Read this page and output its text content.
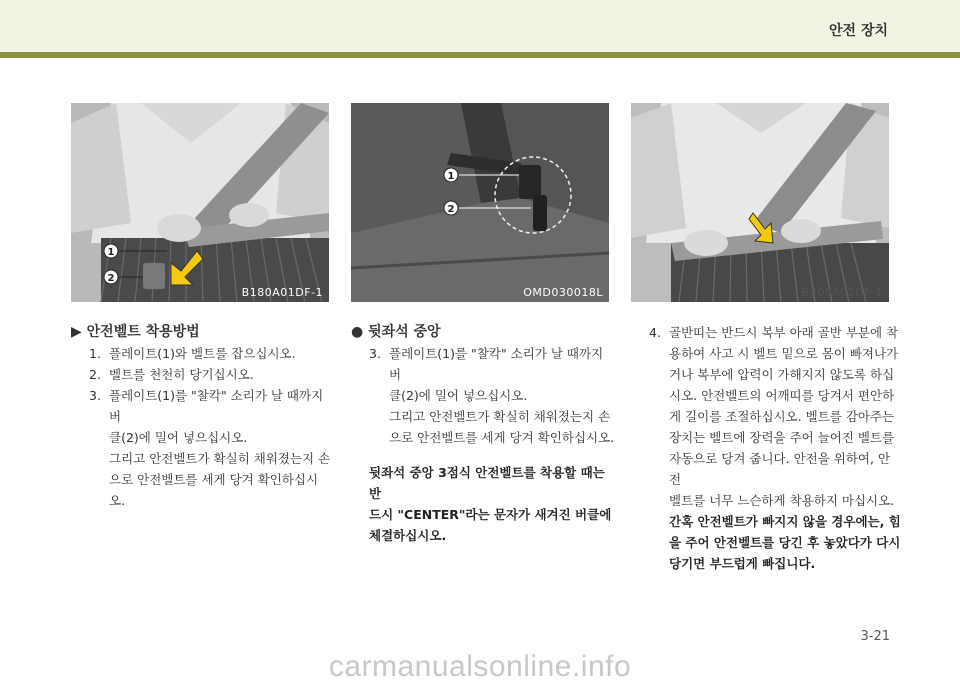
안전 장치
1
2
B180A01DF-1
1
2
OMD030018L	B200A02DF-1

▶ 안전벨트 착용방법

1. 플레이트(1)와 벨트를 잡으십시오.

2. 벨트를 천천히 당기십시오.

3. 플레이트(1)를 "찰칵" 소리가 날 때까지 버

클(2)에 밀어 넣으십시오.

그리고 안전벨트가 확실히 채워졌는지 손

으로 안전벨트를 세게 당겨 확인하십시오.

● 뒷좌석 중앙

3. 플레이트(1)를 "찰칵" 소리가 날 때까지 버

클(2)에 밀어 넣으십시오.

그리고 안전벨트가 확실히 채워졌는지 손

으로 안전벨트를 세게 당겨 확인하십시오.

뒷좌석 중앙 3점식 안전벨트를 착용할 때는 반

드시 "CENTER"라는 문자가 새겨진 버클에

체결하십시오.

4. 골반띠는 반드시 복부 아래 골반 부분에 착

용하여 사고 시 벨트 밑으로 몸이 빠져나가

거나 복부에 압력이 가해지지 않도록 하십

시오. 안전벨트의 어깨띠를 당겨서 편안하

게 길이를 조절하십시오. 벨트를 감아주는

장치는 벨트에 장력을 주어 늘어진 벨트를

자동으로 당겨 줍니다. 안전을 위하여, 안전

벨트를 너무 느슨하게 착용하지 마십시오.

간혹 안전벨트가 빠지지 않을 경우에는, 힘

을 주어 안전벨트를 당긴 후 놓았다가 다시

당기면 부드럽게 빠집니다.

3-21
carmanualsonline.info
